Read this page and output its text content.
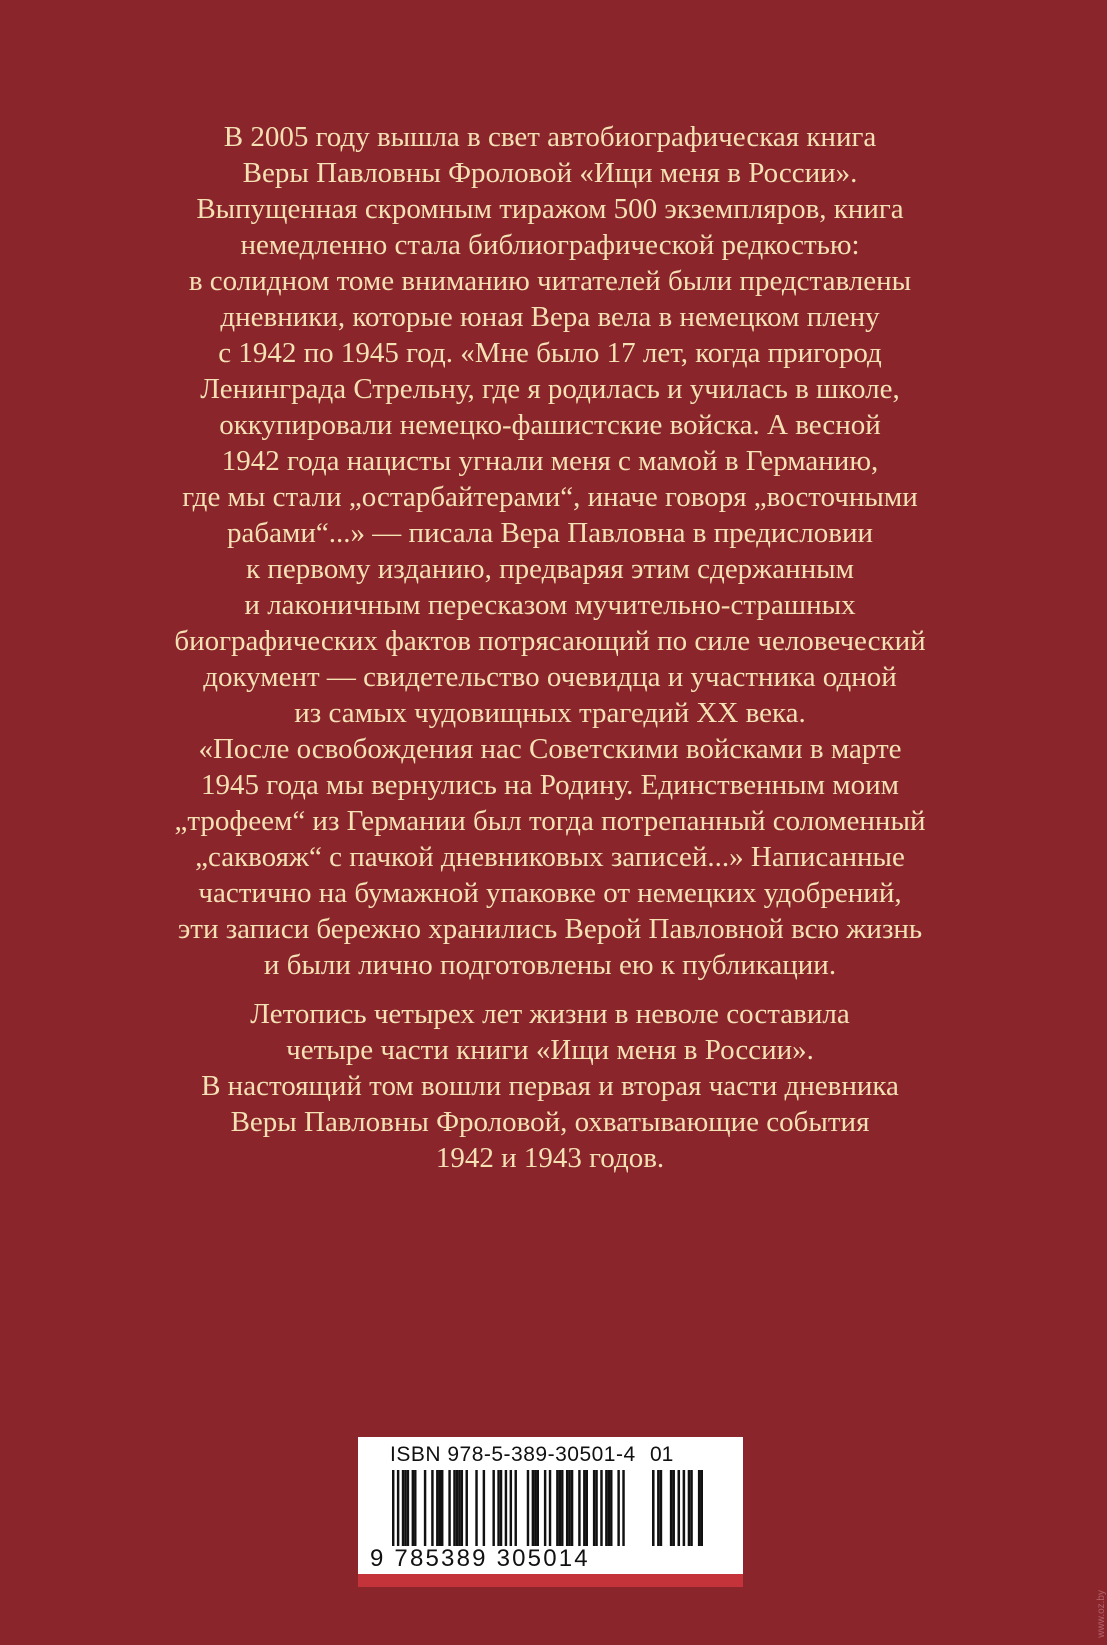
В 2005 году вышла в свет автобиографическая книга
Веры Павловны Фроловой «Ищи меня в России».
Выпущенная скромным тиражом 500 экземпляров, книга
немедленно стала библиографической редкостью:
в солидном томе вниманию читателей были представлены
дневники, которые юная Вера вела в немецком плену
с 1942 по 1945 год. «Мне было 17 лет, когда пригород
Ленинграда Стрельну, где я родилась и училась в школе,
оккупировали немецко-фашистские войска. А весной
1942 года нацисты угнали меня с мамой в Германию,
где мы стали „остарбайтерами“, иначе говоря „восточными
рабами“...» — писала Вера Павловна в предисловии
к первому изданию, предваряя этим сдержанным
и лаконичным пересказом мучительно-страшных
биографических фактов потрясающий по силе человеческий
документ — свидетельство очевидца и участника одной
из самых чудовищных трагедий XX века.
«После освобождения нас Советскими войсками в марте
1945 года мы вернулись на Родину. Единственным моим
„трофеем“ из Германии был тогда потрепанный соломенный
„саквояж“ с пачкой дневниковых записей...» Написанные
частично на бумажной упаковке от немецких удобрений,
эти записи бережно хранились Верой Павловной всю жизнь
и были лично подготовлены ею к публикации.
Летопись четырех лет жизни в неволе составила
четыре части книги «Ищи меня в России».
В настоящий том вошли первая и вторая части дневника
Веры Павловны Фроловой, охватывающие события
1942 и 1943 годов.
www.oz.by
ISBN 978-5-389-30501-4 01
9 785389 305014
